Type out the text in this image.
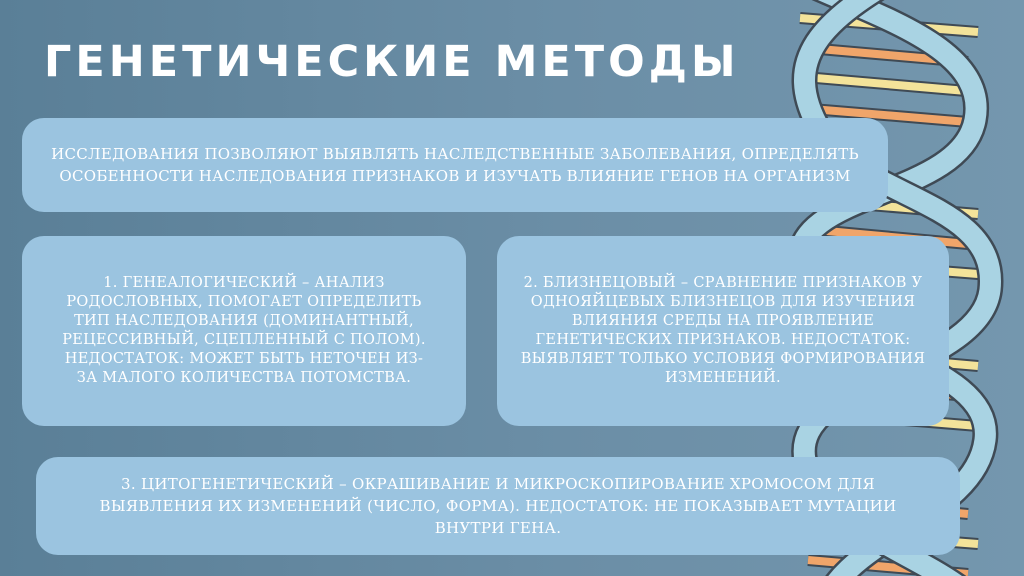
ГЕНЕТИЧЕСКИЕ МЕТОДЫ
ИССЛЕДОВАНИЯ ПОЗВОЛЯЮТ ВЫЯВЛЯТЬ НАСЛЕДСТВЕННЫЕ ЗАБОЛЕВАНИЯ, ОПРЕДЕЛЯТЬ ОСОБЕННОСТИ НАСЛЕДОВАНИЯ ПРИЗНАКОВ И ИЗУЧАТЬ ВЛИЯНИЕ ГЕНОВ НА ОРГАНИЗМ
1. ГЕНЕАЛОГИЧЕСКИЙ – АНАЛИЗ РОДОСЛОВНЫХ, ПОМОГАЕТ ОПРЕДЕЛИТЬ ТИП НАСЛЕДОВАНИЯ (ДОМИНАНТНЫЙ, РЕЦЕССИВНЫЙ, СЦЕПЛЕННЫЙ С ПОЛОМ). НЕДОСТАТОК: МОЖЕТ БЫТЬ НЕТОЧЕН ИЗ-ЗА МАЛОГО КОЛИЧЕСТВА ПОТОМСТВА.
2. БЛИЗНЕЦОВЫЙ – СРАВНЕНИЕ ПРИЗНАКОВ У ОДНОЯЙЦЕВЫХ БЛИЗНЕЦОВ ДЛЯ ИЗУЧЕНИЯ ВЛИЯНИЯ СРЕДЫ НА ПРОЯВЛЕНИЕ ГЕНЕТИЧЕСКИХ ПРИЗНАКОВ. НЕДОСТАТОК: ВЫЯВЛЯЕТ ТОЛЬКО УСЛОВИЯ ФОРМИРОВАНИЯ ИЗМЕНЕНИЙ.
3. ЦИТОГЕНЕТИЧЕСКИЙ – ОКРАШИВАНИЕ И МИКРОСКОПИРОВАНИЕ ХРОМОСОМ ДЛЯ ВЫЯВЛЕНИЯ ИХ ИЗМЕНЕНИЙ (ЧИСЛО, ФОРМА). НЕДОСТАТОК: НЕ ПОКАЗЫВАЕТ МУТАЦИИ ВНУТРИ ГЕНА.
